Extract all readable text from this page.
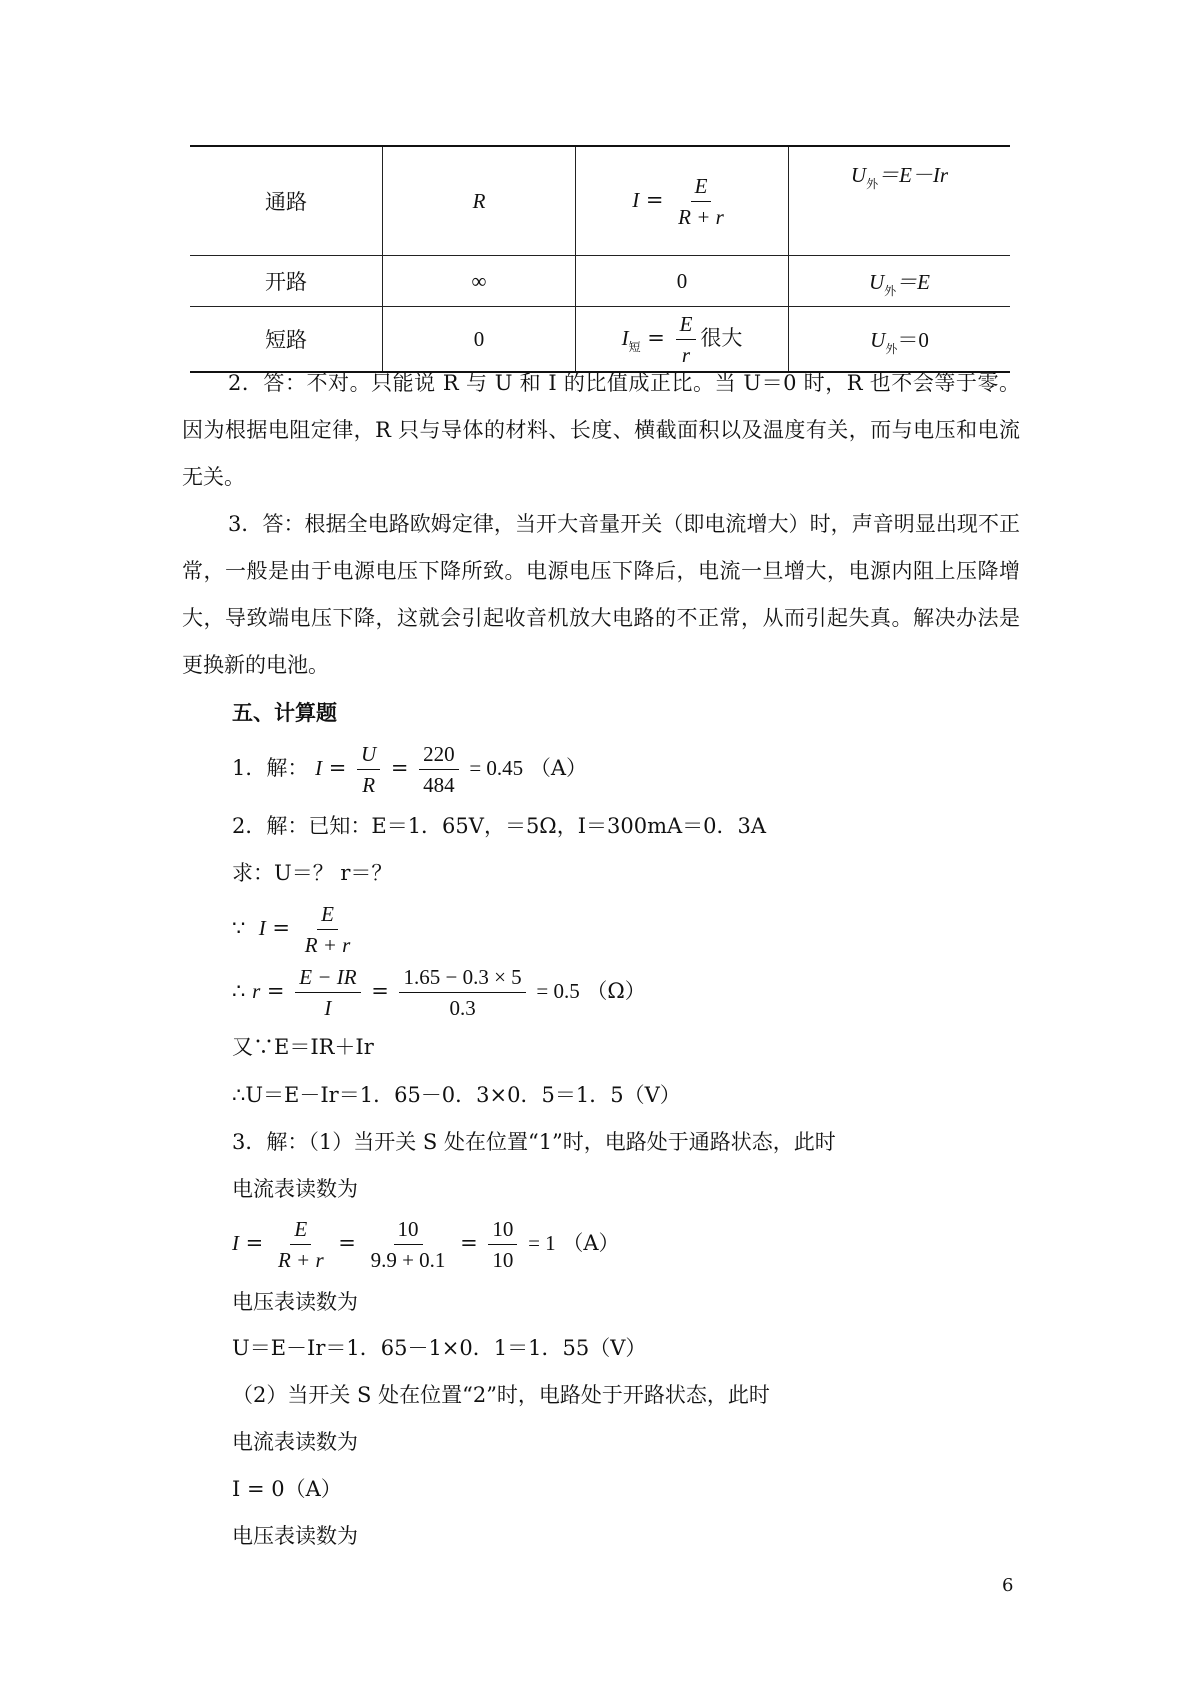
通路	R	$I = \frac{E}{R + r}$	$U_外=E-Ir$
开路	∞	0	$U_外=E$
短路	0	$I_短 = \frac{E}{r}$ 很大	$U_外=0$
2．答：不对。只能说 R 与 U 和 I 的比值成正比。当 U＝0 时，R 也不会等于零。因为根据电阻定律，R 只与导体的材料、长度、横截面积以及温度有关，而与电压和电流无关。
3．答：根据全电路欧姆定律，当开大音量开关（即电流增大）时，声音明显出现不正常，一般是由于电源电压下降所致。电源电压下降后，电流一旦增大，电源内阻上压降增大，导致端电压下降，这就会引起收音机放大电路的不正常，从而引起失真。解决办法是更换新的电池。
五、计算题
1．解： $I = \frac{U}{R} = \frac{220}{484} = 0.45$ （A）
2．解：已知：E＝1．65V，＝5Ω，I＝300mA＝0．3A
求：U＝？ r＝？
∵ $I = \frac{E}{R + r}$
∴ $r = \frac{E - IR}{I} = \frac{1.65 - 0.3 \times 5}{0.3} = 0.5$ （Ω）
又∵E＝IR＋Ir
∴U＝E－Ir＝1．65－0．3×0．5＝1．5（V）
3．解：（1）当开关 S 处在位置“1”时，电路处于通路状态，此时
电流表读数为
$I = \frac{E}{R + r} = \frac{10}{9.9 + 0.1} = \frac{10}{10} = 1$ （A）
电压表读数为
U＝E－Ir＝1．65－1×0．1＝1．55（V）
（2）当开关 S 处在位置“2”时，电路处于开路状态，此时
电流表读数为
I = 0（A）
电压表读数为
6
